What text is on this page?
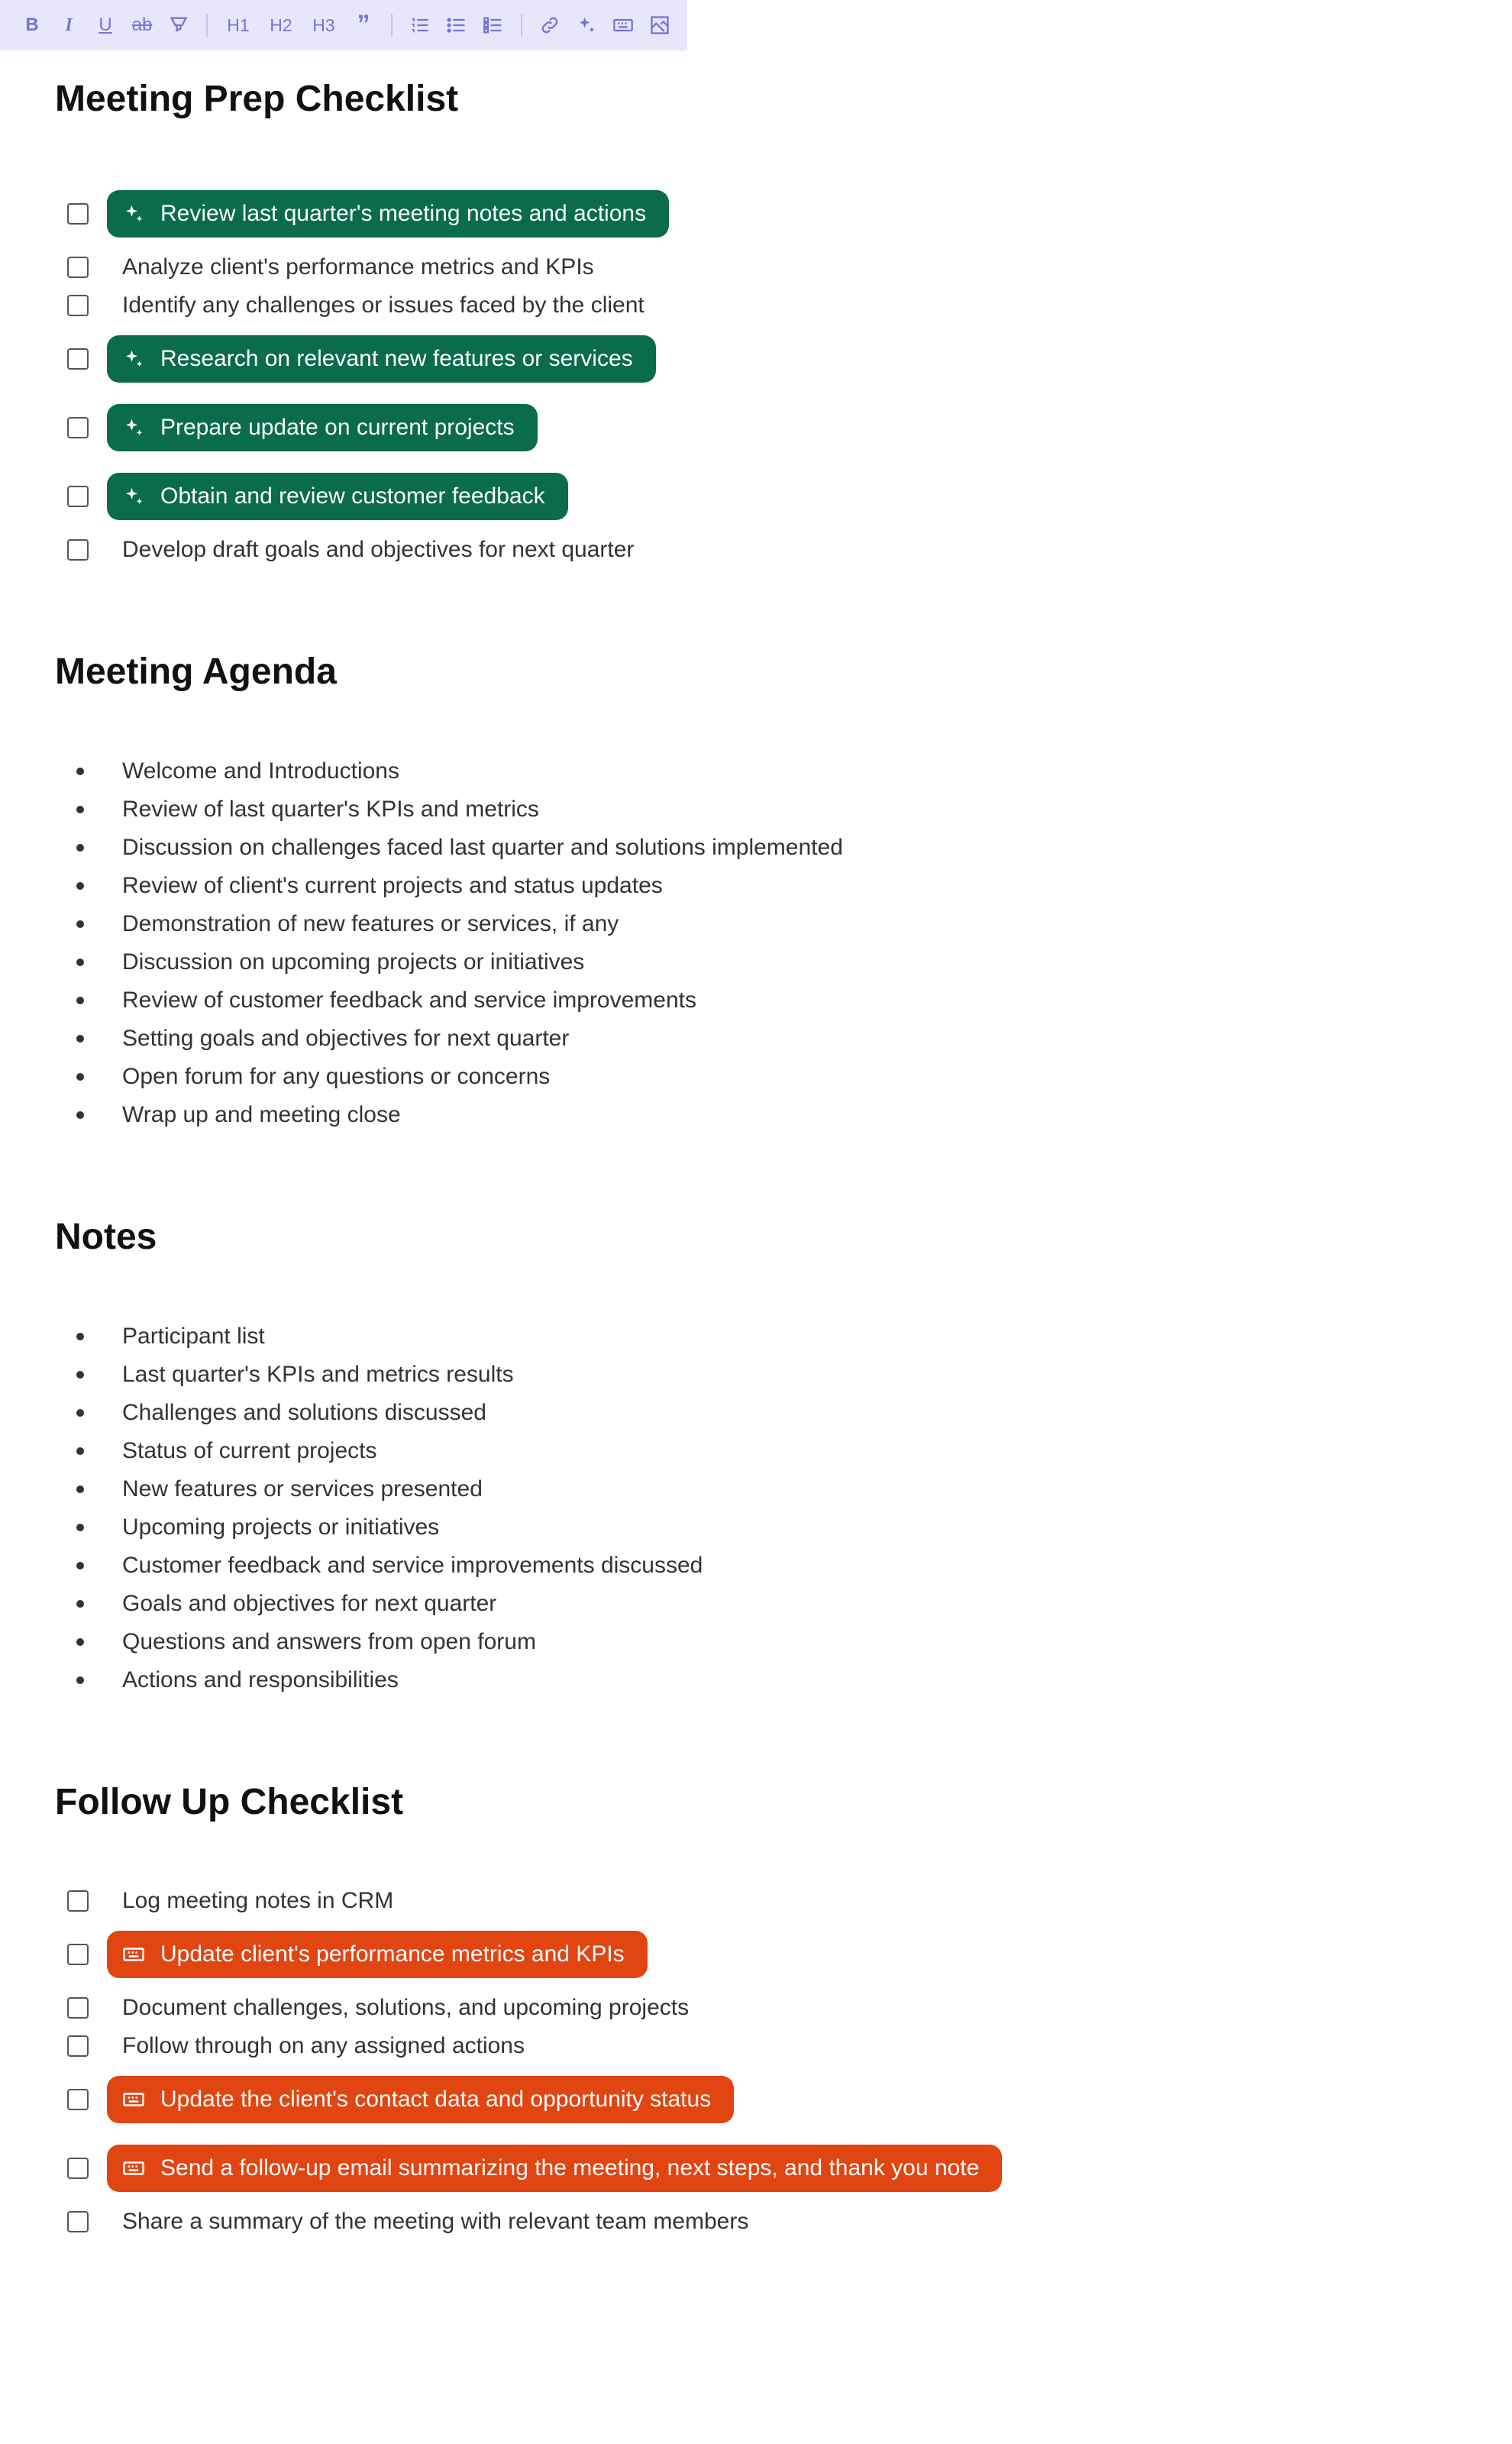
B I U ab	H1 H2 H3 ”
Meeting Prep Checklist
Review last quarter's meeting notes and actions
Analyze client's performance metrics and KPIs
Identify any challenges or issues faced by the client
Research on relevant new features or services
Prepare update on current projects
Obtain and review customer feedback
Develop draft goals and objectives for next quarter
Meeting Agenda
Welcome and Introductions
Review of last quarter's KPIs and metrics
Discussion on challenges faced last quarter and solutions implemented
Review of client's current projects and status updates
Demonstration of new features or services, if any
Discussion on upcoming projects or initiatives
Review of customer feedback and service improvements
Setting goals and objectives for next quarter
Open forum for any questions or concerns
Wrap up and meeting close
Notes
Participant list
Last quarter's KPIs and metrics results
Challenges and solutions discussed
Status of current projects
New features or services presented
Upcoming projects or initiatives
Customer feedback and service improvements discussed
Goals and objectives for next quarter
Questions and answers from open forum
Actions and responsibilities
Follow Up Checklist
Log meeting notes in CRM
Update client's performance metrics and KPIs
Document challenges, solutions, and upcoming projects
Follow through on any assigned actions
Update the client's contact data and opportunity status
Send a follow-up email summarizing the meeting, next steps, and thank you note
Share a summary of the meeting with relevant team members
